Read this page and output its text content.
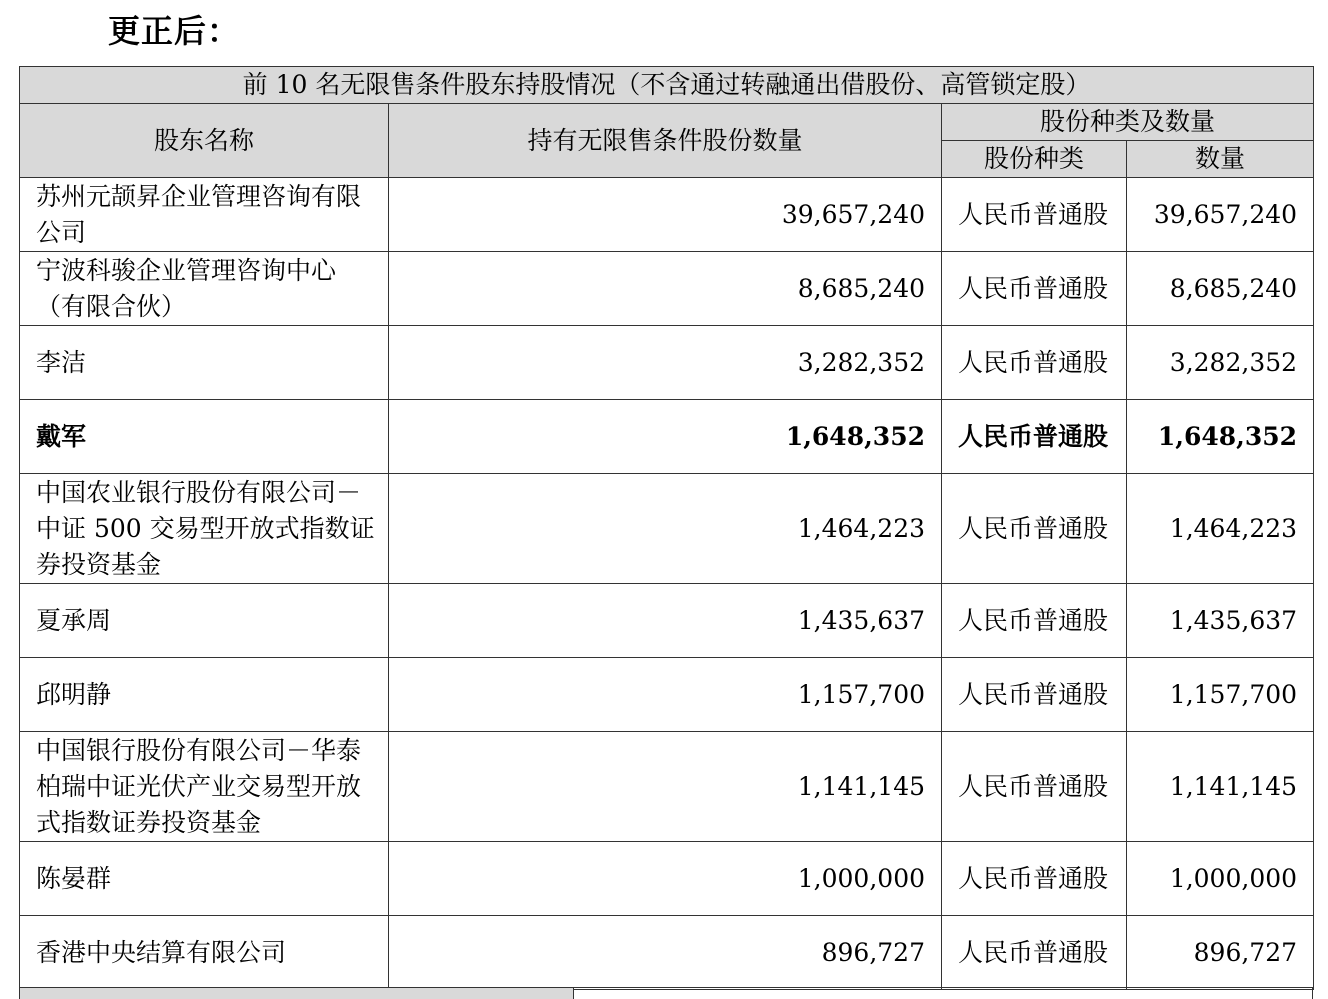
更正后：
前 10 名无限售条件股东持股情况（不含通过转融通出借股份、高管锁定股）			
股东名称	持有无限售条件股份数量	股份种类及数量	
		股份种类	数量
苏州元颉昇企业管理咨询有限公司	39,657,240	人民币普通股	39,657,240
宁波科骏企业管理咨询中心（有限合伙）	8,685,240	人民币普通股	8,685,240
李洁	3,282,352	人民币普通股	3,282,352
戴军	1,648,352	人民币普通股	1,648,352
中国农业银行股份有限公司－中证 500 交易型开放式指数证券投资基金	1,464,223	人民币普通股	1,464,223
夏承周	1,435,637	人民币普通股	1,435,637
邱明静	1,157,700	人民币普通股	1,157,700
中国银行股份有限公司－华泰柏瑞中证光伏产业交易型开放式指数证券投资基金	1,141,145	人民币普通股	1,141,145
陈晏群	1,000,000	人民币普通股	1,000,000
香港中央结算有限公司	896,727	人民币普通股	896,727
